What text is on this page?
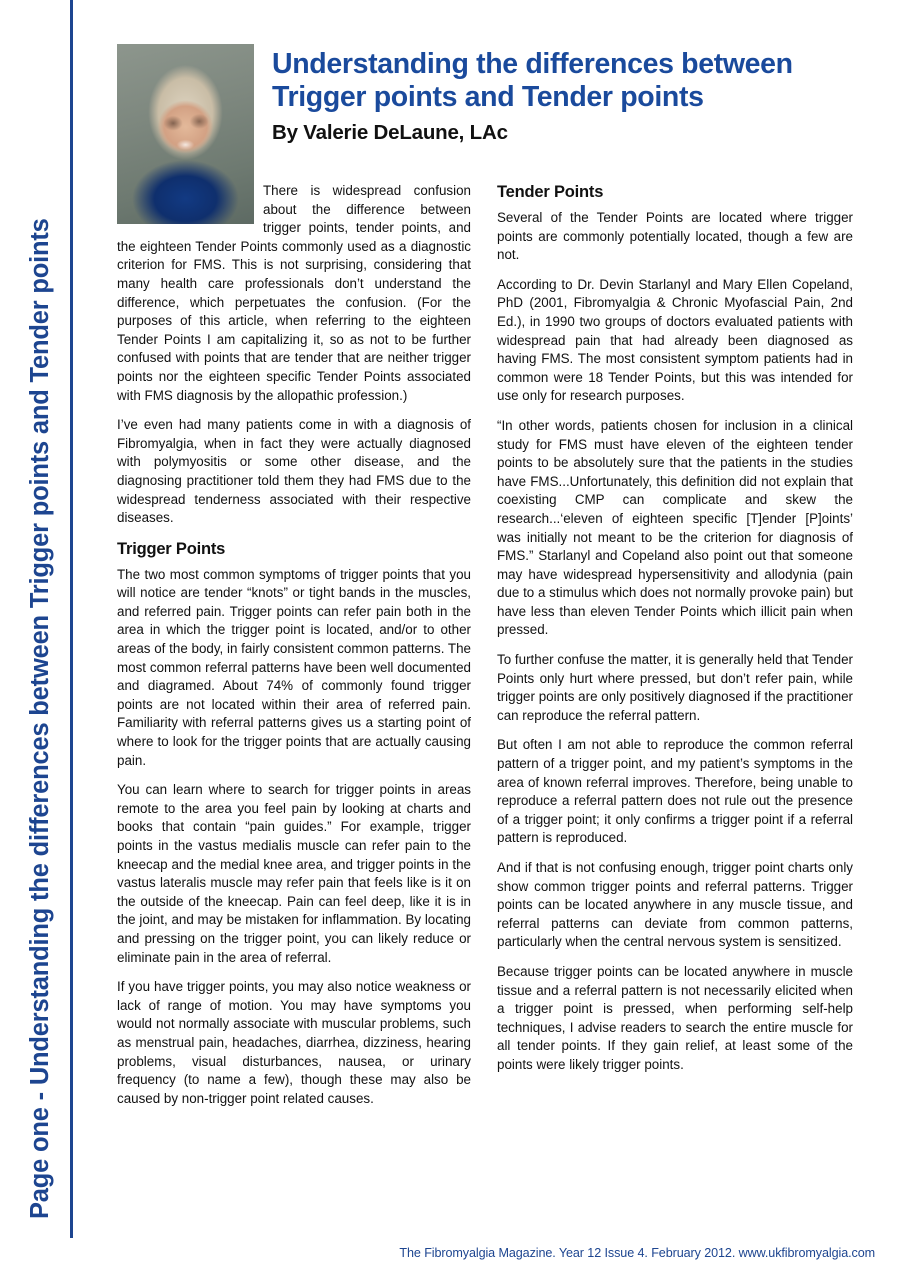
Page one - Understanding the differences between Trigger points and Tender points
Understanding the differences between
Trigger points and Tender points
By Valerie DeLaune, LAc

There is widespread confusion about the difference between trigger points, tender points, and the eighteen Tender Points commonly used as a diagnostic criterion for FMS. This is not surprising, considering that many health care professionals don’t understand the difference, which perpetuates the confusion. (For the purposes of this article, when referring to the eighteen Tender Points I am capitalizing it, so as not to be further confused with points that are tender that are neither trigger points nor the eighteen specific Tender Points associated with FMS diagnosis by the allopathic profession.)

I’ve even had many patients come in with a diagnosis of Fibromyalgia, when in fact they were actually diagnosed with polymyositis or some other disease, and the diagnosing practitioner told them they had FMS due to the widespread tenderness associated with their respective diseases.

Trigger Points

The two most common symptoms of trigger points that you will notice are tender “knots” or tight bands in the muscles, and referred pain. Trigger points can refer pain both in the area in which the trigger point is located, and/or to other areas of the body, in fairly consistent common patterns. The most common referral patterns have been well documented and diagramed. About 74% of commonly found trigger points are not located within their area of referred pain. Familiarity with referral patterns gives us a starting point of where to look for the trigger points that are actually causing pain.

You can learn where to search for trigger points in areas remote to the area you feel pain by looking at charts and books that contain “pain guides.” For example, trigger points in the vastus medialis muscle can refer pain to the kneecap and the medial knee area, and trigger points in the vastus lateralis muscle may refer pain that feels like is it on the outside of the kneecap. Pain can feel deep, like it is in the joint, and may be mistaken for inflammation. By locating and pressing on the trigger point, you can likely reduce or eliminate pain in the area of referral.

If you have trigger points, you may also notice weakness or lack of range of motion. You may have symptoms you would not normally associate with muscular problems, such as menstrual pain, headaches, diarrhea, dizziness, hearing problems, visual disturbances, nausea, or urinary frequency (to name a few), though these may also be caused by non-trigger point related causes.

Tender Points

Several of the Tender Points are located where trigger points are commonly potentially located, though a few are not.

According to Dr. Devin Starlanyl and Mary Ellen Copeland, PhD (2001, Fibromyalgia & Chronic Myofascial Pain, 2nd Ed.), in 1990 two groups of doctors evaluated patients with widespread pain that had already been diagnosed as having FMS. The most consistent symptom patients had in common were 18 Tender Points, but this was intended for use only for research purposes.

“In other words, patients chosen for inclusion in a clinical study for FMS must have eleven of the eighteen tender points to be absolutely sure that the patients in the studies have FMS...Unfortunately, this definition did not explain that coexisting CMP can complicate and skew the research...‘eleven of eighteen specific [T]ender [P]oints’ was initially not meant to be the criterion for diagnosis of FMS.” Starlanyl and Copeland also point out that someone may have widespread hypersensitivity and allodynia (pain due to a stimulus which does not normally provoke pain) but have less than eleven Tender Points which illicit pain when pressed.

To further confuse the matter, it is generally held that Tender Points only hurt where pressed, but don’t refer pain, while trigger points are only positively diagnosed if the practitioner can reproduce the referral pattern.

But often I am not able to reproduce the common referral pattern of a trigger point, and my patient’s symptoms in the area of known referral improves. Therefore, being unable to reproduce a referral pattern does not rule out the presence of a trigger point; it only confirms a trigger point if a referral pattern is reproduced.

And if that is not confusing enough, trigger point charts only show common trigger points and referral patterns. Trigger points can be located anywhere in any muscle tissue, and referral patterns can deviate from common patterns, particularly when the central nervous system is sensitized.

Because trigger points can be located anywhere in muscle tissue and a referral pattern is not necessarily elicited when a trigger point is pressed, when performing self-help techniques, I advise readers to search the entire muscle for all tender points. If they gain relief, at least some of the points were likely trigger points.

The Fibromyalgia Magazine. Year 12 Issue 4. February 2012. www.ukfibromyalgia.com
